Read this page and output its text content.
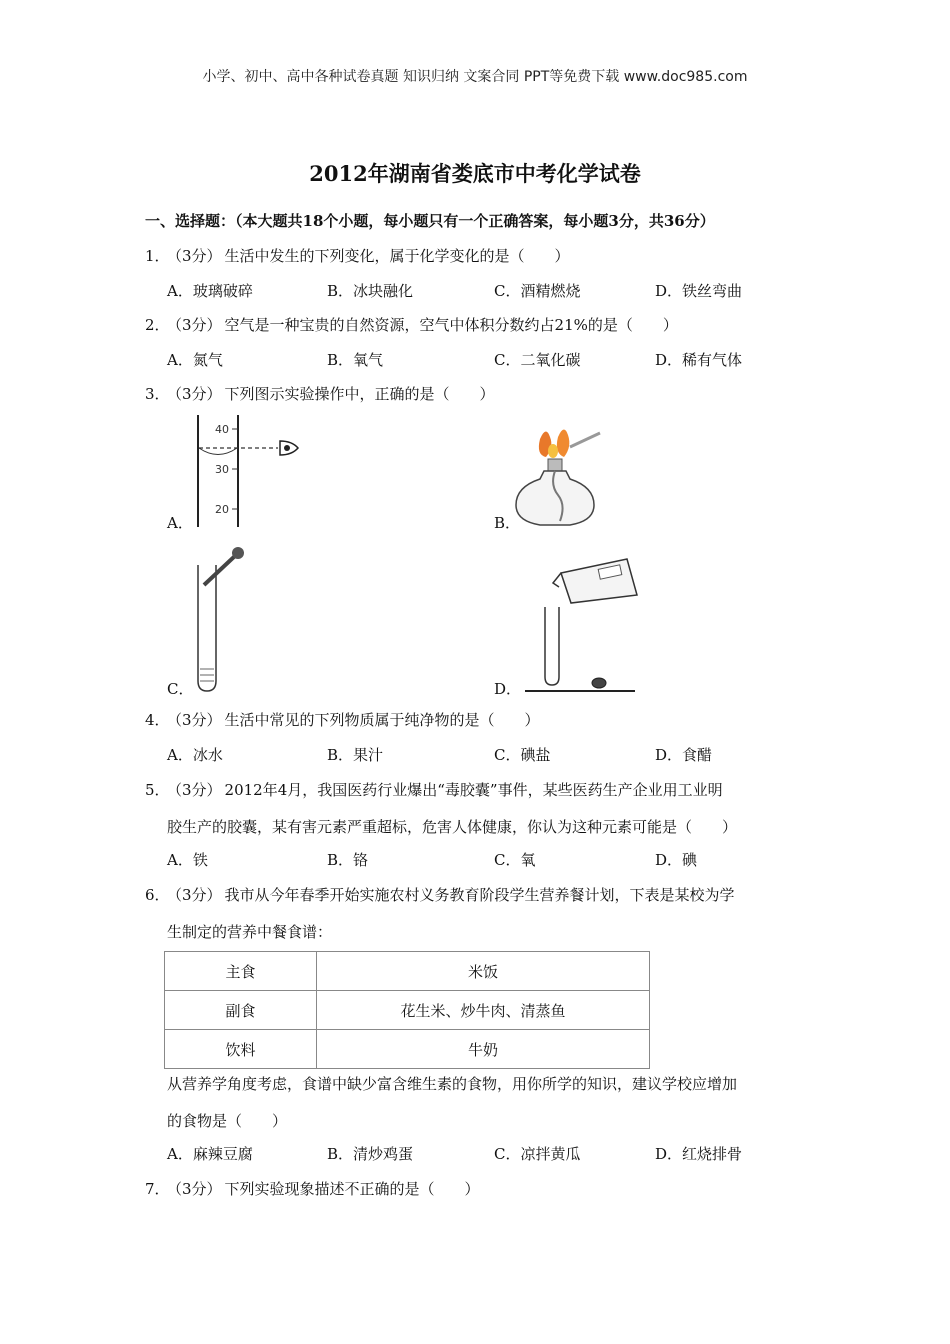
小学、初中、高中各种试卷真题 知识归纳 文案合同 PPT等免费下载 www.doc985.com
2012年湖南省娄底市中考化学试卷
一、选择题：（本大题共18个小题，每小题只有一个正确答案，每小题3分，共36分）
1．（3分） 生活中发生的下列变化，属于化学变化的是（　　）
A．玻璃破碎	B．冰块融化	C．酒精燃烧	D．铁丝弯曲
2．（3分） 空气是一种宝贵的自然资源，空气中体积分数约占21%的是（　　）
A．氮气	B．氧气	C．二氧化碳	D．稀有气体
3．（3分） 下列图示实验操作中，正确的是（　　）
A．	B．
C．	D．
40
30
20
4．（3分） 生活中常见的下列物质属于纯净物的是（　　）
A．冰水	B．果汁	C．碘盐	D．食醋
5．（3分） 2012年4月，我国医药行业爆出“毒胶囊”事件，某些医药生产企业用工业明
胶生产的胶囊，某有害元素严重超标，危害人体健康，你认为这种元素可能是（　　）
A．铁	B．铬	C．氧	D．碘
6．（3分） 我市从今年春季开始实施农村义务教育阶段学生营养餐计划，下表是某校为学
生制定的营养中餐食谱：
主食	米饭
副食	花生米、炒牛肉、清蒸鱼
饮料	牛奶
从营养学角度考虑，食谱中缺少富含维生素的食物，用你所学的知识，建议学校应增加
的食物是（　　）
A．麻辣豆腐	B．清炒鸡蛋	C．凉拌黄瓜	D．红烧排骨
7．（3分） 下列实验现象描述不正确的是（　　）
